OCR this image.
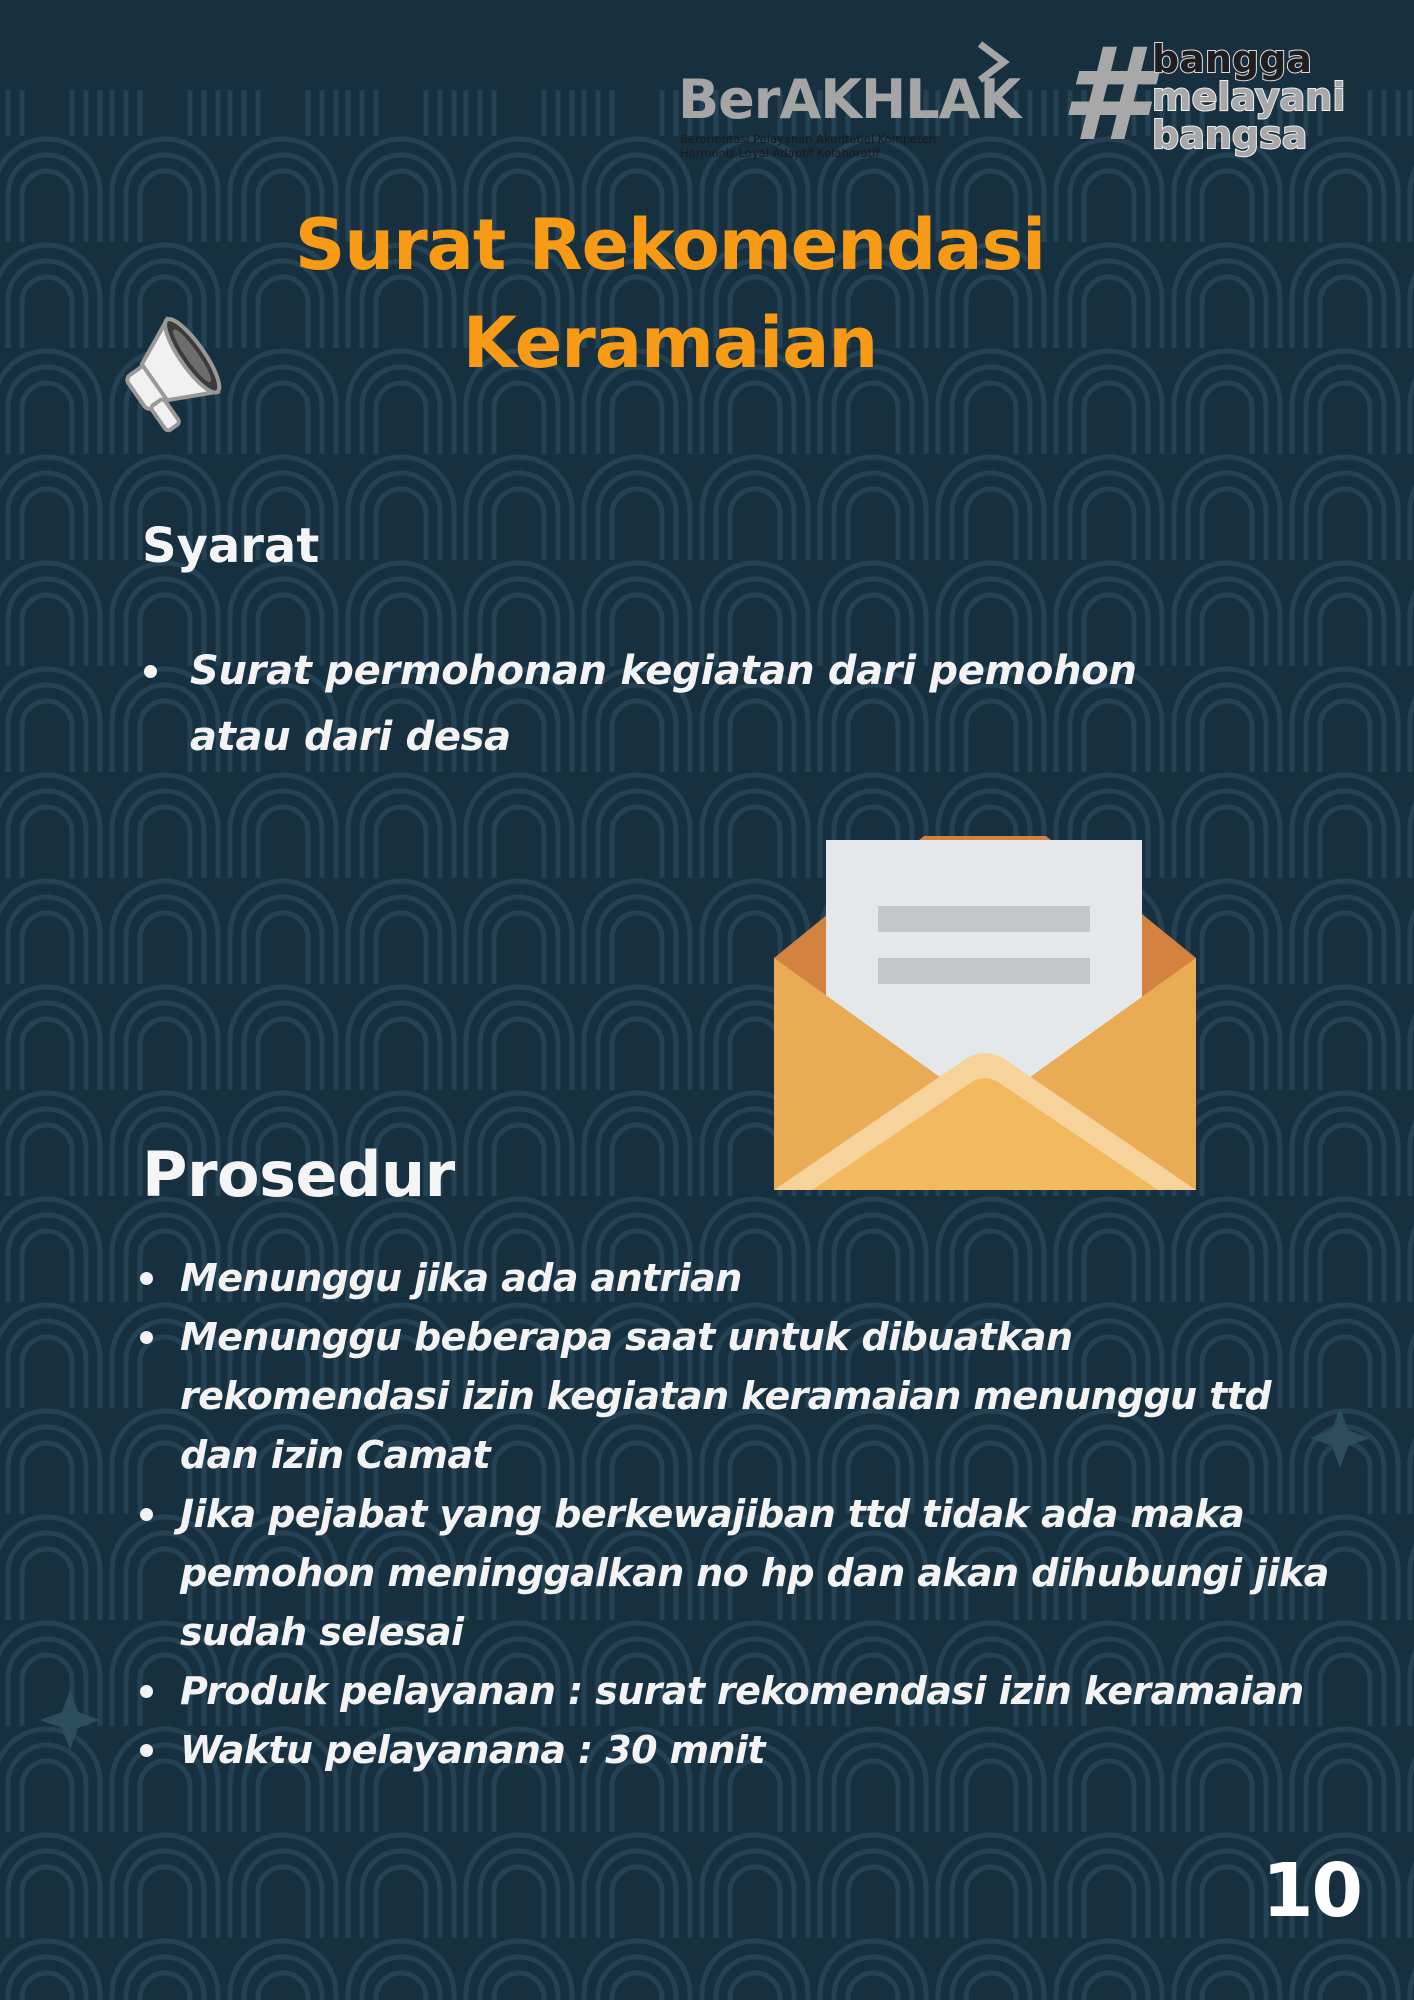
BerAKHLAK
Berorientasi Pelayanan Akuntabel Kompeten
Harmonis Loyal Adaptif Kolaboratif	# bangga
melayani
bangsa
Surat Rekomendasi
Keramaian
Syarat
Surat permohonan kegiatan dari pemohon atau dari desa
Prosedur
Menunggu jika ada antrian
Menunggu beberapa saat untuk dibuatkan rekomendasi izin kegiatan keramaian menunggu ttd dan izin Camat
Jika pejabat yang berkewajiban ttd tidak ada maka pemohon meninggalkan no hp dan akan dihubungi jika sudah selesai
Produk pelayanan : surat rekomendasi izin keramaian
Waktu pelayanana : 30 mnit
10
